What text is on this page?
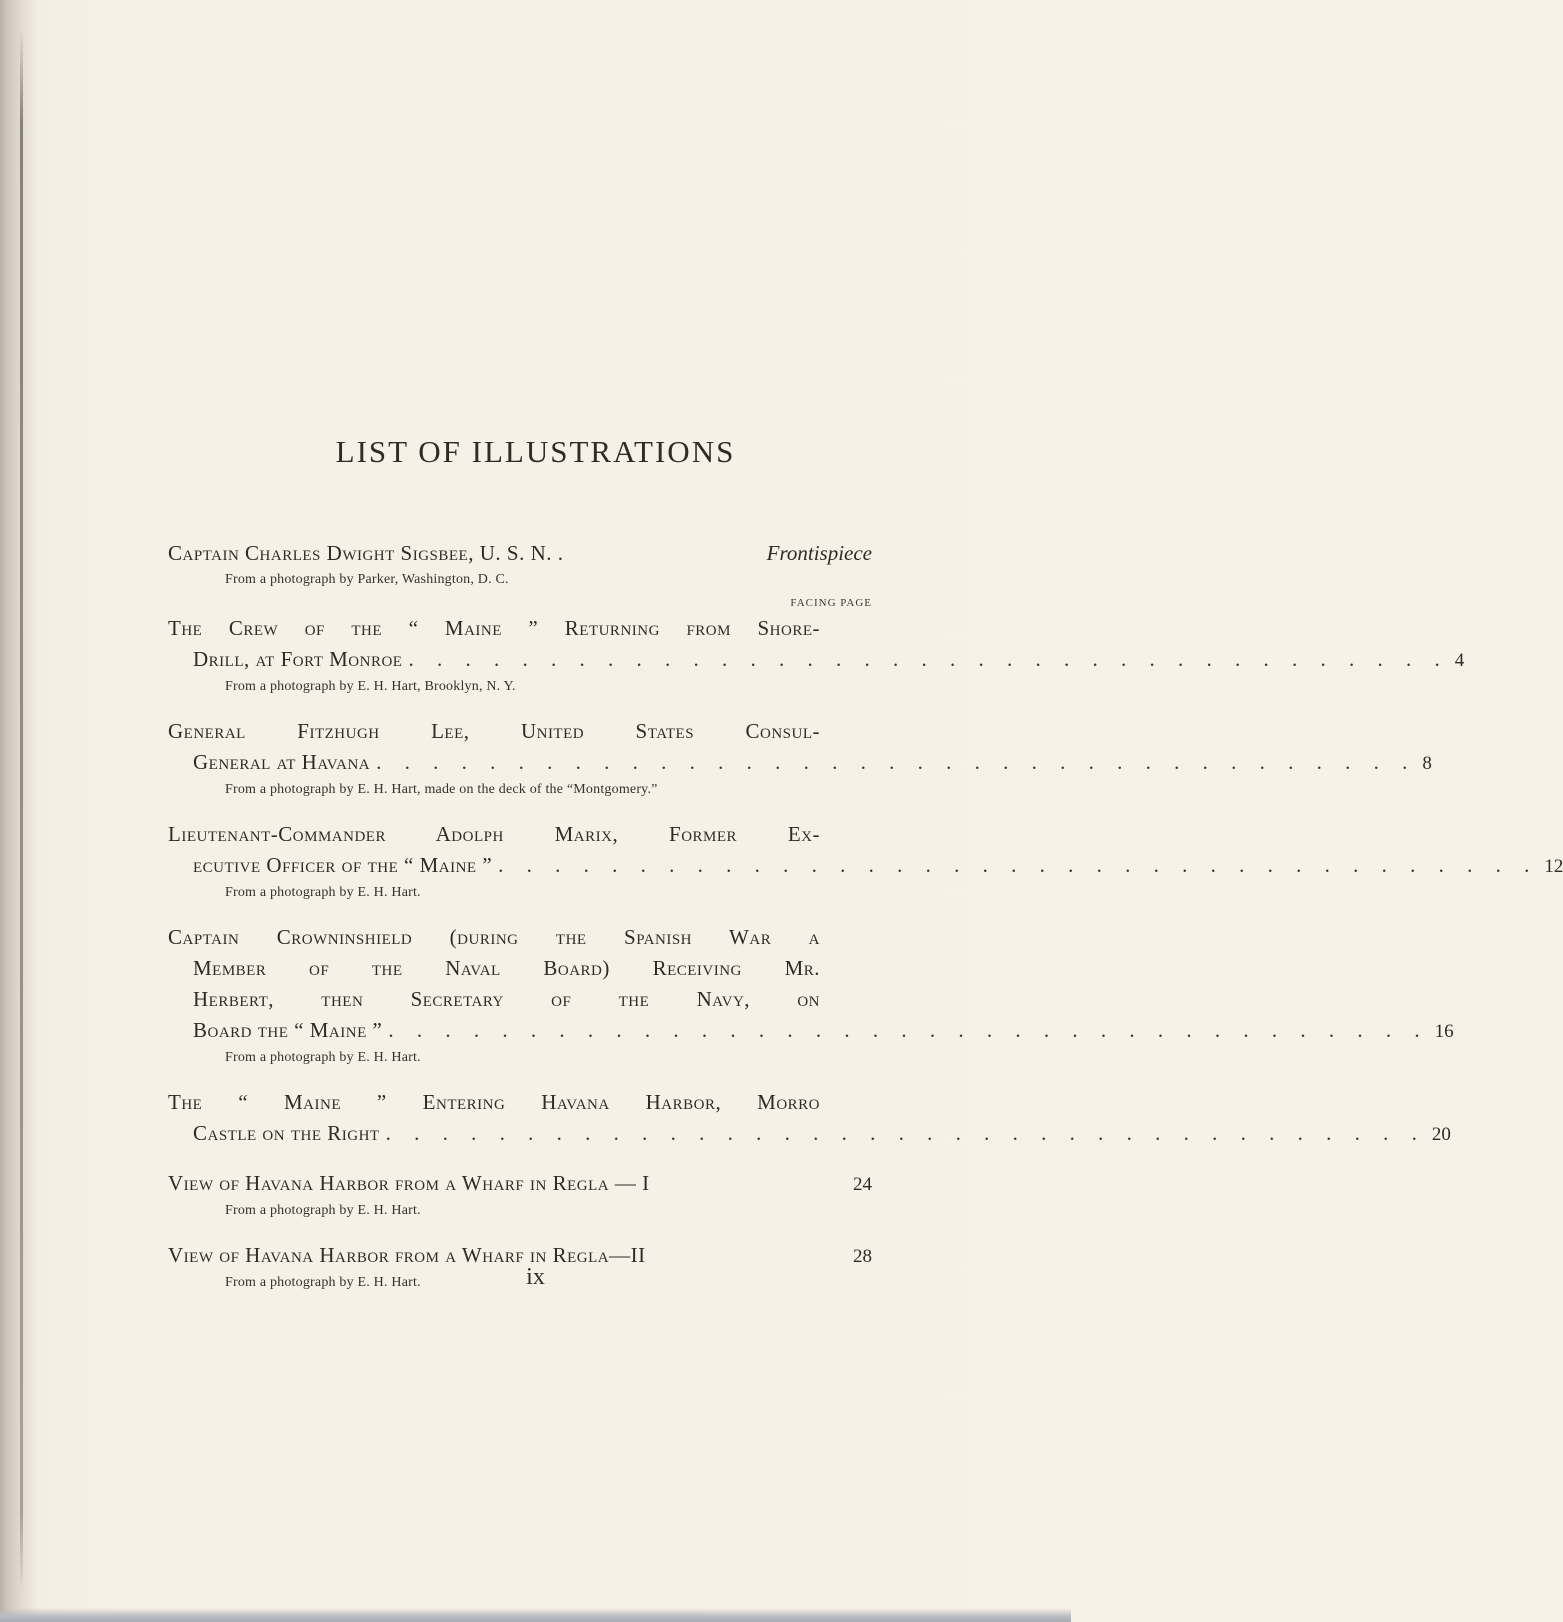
LIST OF ILLUSTRATIONS
Captain Charles Dwight Sigsbee, U. S. N. .	Frontispiece
From a photograph by Parker, Washington, D. C.
FACING PAGE
The Crew of the “ Maine ” Returning from Shore-
Drill, at Fort Monroe . . . . . . . . . . . . . . . . . . . . . . . . . . . . . . . . . . . . . 4
From a photograph by E. H. Hart, Brooklyn, N. Y.
General Fitzhugh Lee, United States Consul-
General at Havana . . . . . . . . . . . . . . . . . . . . . . . . . . . . . . . . . . . . . 8
From a photograph by E. H. Hart, made on the deck of the “Montgomery.”
Lieutenant-Commander Adolph Marix, Former Ex-
ecutive Officer of the “ Maine ” . . . . . . . . . . . . . . . . . . . . . . . . . . . . . . . . . . . . . 12
From a photograph by E. H. Hart.
Captain Crowninshield (during the Spanish War a
Member of the Naval Board) Receiving Mr.
Herbert, then Secretary of the Navy, on
Board the “ Maine ” . . . . . . . . . . . . . . . . . . . . . . . . . . . . . . . . . . . . . 16
From a photograph by E. H. Hart.
The “ Maine ” Entering Havana Harbor, Morro
Castle on the Right . . . . . . . . . . . . . . . . . . . . . . . . . . . . . . . . . . . . . 20
View of Havana Harbor from a Wharf in Regla — I	24
From a photograph by E. H. Hart.
View of Havana Harbor from a Wharf in Regla—II	28
From a photograph by E. H. Hart.	ix
